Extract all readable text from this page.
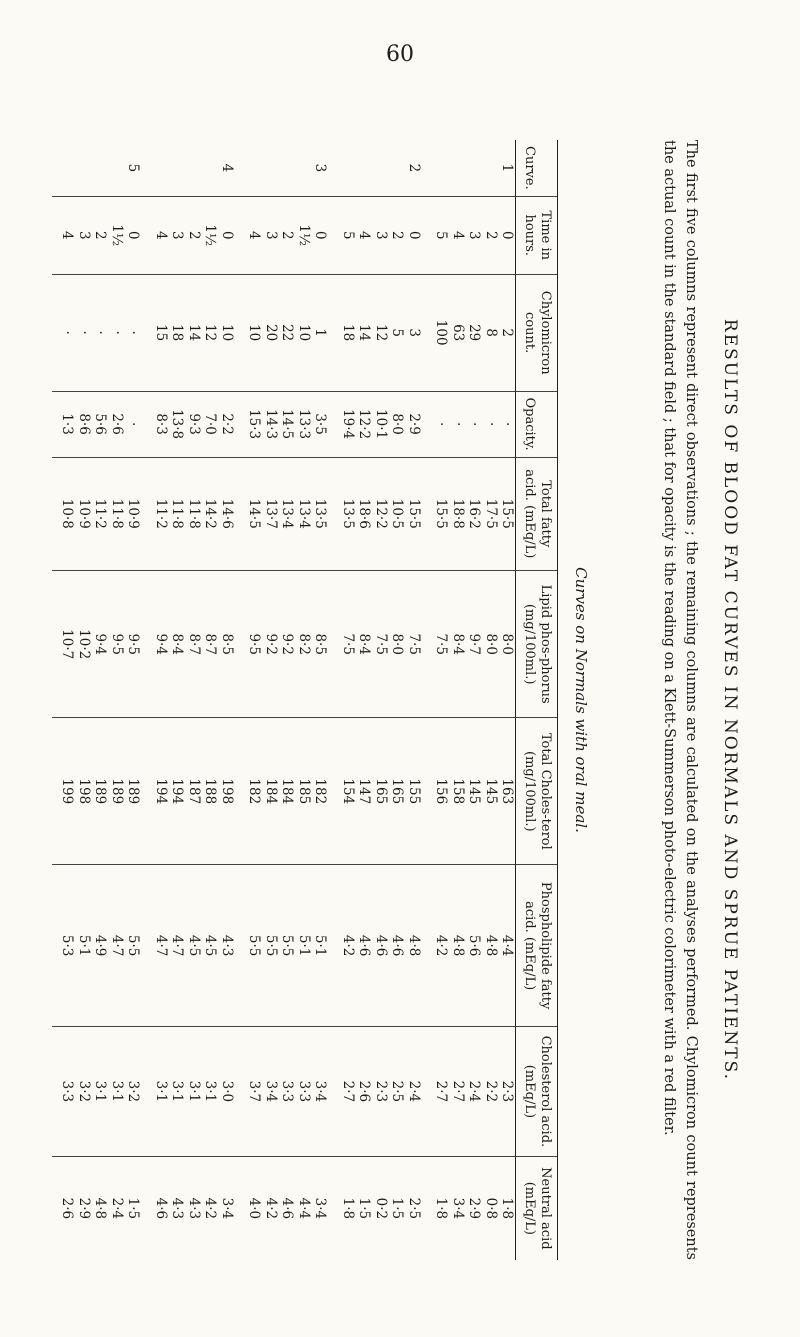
60
RESULTS OF BLOOD FAT CURVES IN NORMALS AND SPRUE PATIENTS.
The first five columns represent direct observations ; the remaining columns are calculated on the analyses performed. Chylomicron count represents the actual count in the standard field ; that for opacity is the reading on a Klett-Summerson photo-electric colorimeter with a red filter.
Curves on Normals with oral meal.
Curve.	Time in hours.	Chylomicron count.	Opacity.	Total fatty acid. (mEq/L)	Lipid phos-phorus (mg/100ml.)	Total Choles-terol (mg/100ml.)	Phospholipide fatty acid. (mEq/L)	Cholesterol acid. (mEq/L)	Neutral acid (mEq/L)
1	0	2	·	15·5	8·0	163	4·4	2·3	1·8
	2	8	·	17·5	8·0	145	4·8	2·2	0·8
	3	29	·	16·2	9·7	145	5·6	2·4	2·9
	4	63	·	18·8	8·4	158	4·8	2·7	3·4
	5	100	·	15·5	7·5	156	4·2	2·7	1·8
2	0	3	2·9	15·5	7·5	155	4·8	2·4	2·5
	2	5	8·0	10·5	8·0	165	4·6	2·5	1·5
	3	12	10·1	12·2	7·5	165	4·6	2·3	0·2
	4	14	12·2	18·6	8·4	147	4·6	2·6	1·5
	5	18	19·4	13·5	7·5	154	4·2	2·7	1·8
3	0	1	3·5	13·5	8·5	182	5·1	3·4	3·4
	1½	10	13·3	13·4	8·2	185	5·1	3·3	4·4
	2	22	14·5	13·4	9·2	184	5·5	3·3	4·6
	3	20	14·3	13·7	9·2	184	5·5	3·4	4·2
	4	10	15·3	14·5	9·5	182	5·5	3·7	4·0
4	0	10	2·2	14·6	8·5	198	4·3	3·0	3·4
	1½	12	7·0	14·2	8·7	188	4·5	3·1	4·2
	2	14	9·3	11·8	8·7	187	4·5	3·1	4·3
	3	18	13·8	11·8	8·4	194	4·7	3·1	4·3
	4	15	8·3	11·2	9·4	194	4·7	3·1	4·6
5	0	·	·	10·9	9·5	189	5·5	3·2	1·5
	1½	·	2·6	11·8	9·5	189	4·7	3·1	2·4
	2	·	5·6	11·2	9·4	189	4·9	3·1	4·8
	3	·	8·6	10·9	10·2	198	5·1	3·2	2·9
	4	·	1·3	10·8	10·7	199	5·3	3·3	2·6
